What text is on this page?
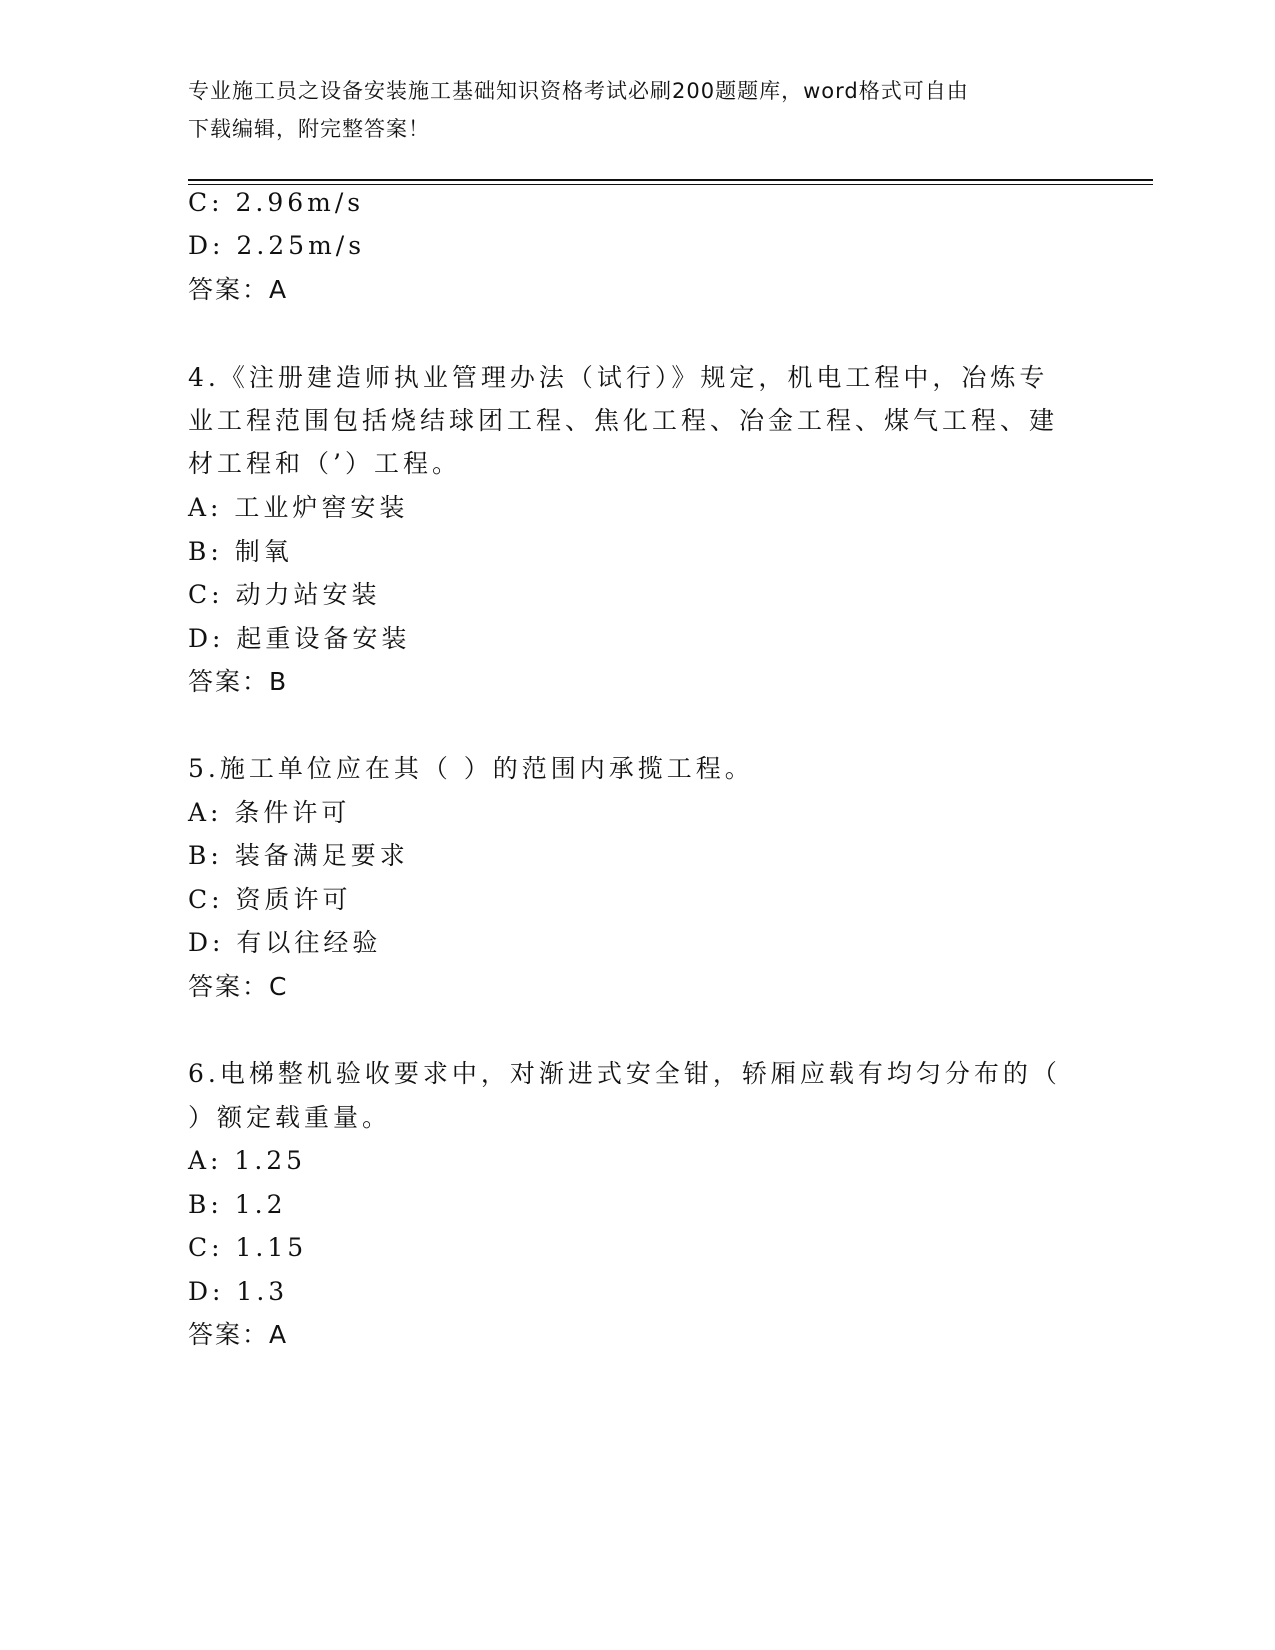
专业施工员之设备安装施工基础知识资格考试必刷200题题库，word格式可自由
下载编辑，附完整答案！
C: 2.96m/s
D: 2.25m/s
答案：A
4.《注册建造师执业管理办法（试行）》规定，机电工程中，冶炼专
业工程范围包括烧结球团工程、焦化工程、冶金工程、煤气工程、建
材工程和（’）工程。
A: 工业炉窖安装
B: 制氧
C: 动力站安装
D: 起重设备安装
答案：B
5.施工单位应在其（ ）的范围内承揽工程。
A: 条件许可
B: 装备满足要求
C: 资质许可
D: 有以往经验
答案：C
6.电梯整机验收要求中，对渐进式安全钳，轿厢应载有均匀分布的（
）额定载重量。
A: 1.25
B: 1.2
C: 1.15
D: 1.3
答案：A
